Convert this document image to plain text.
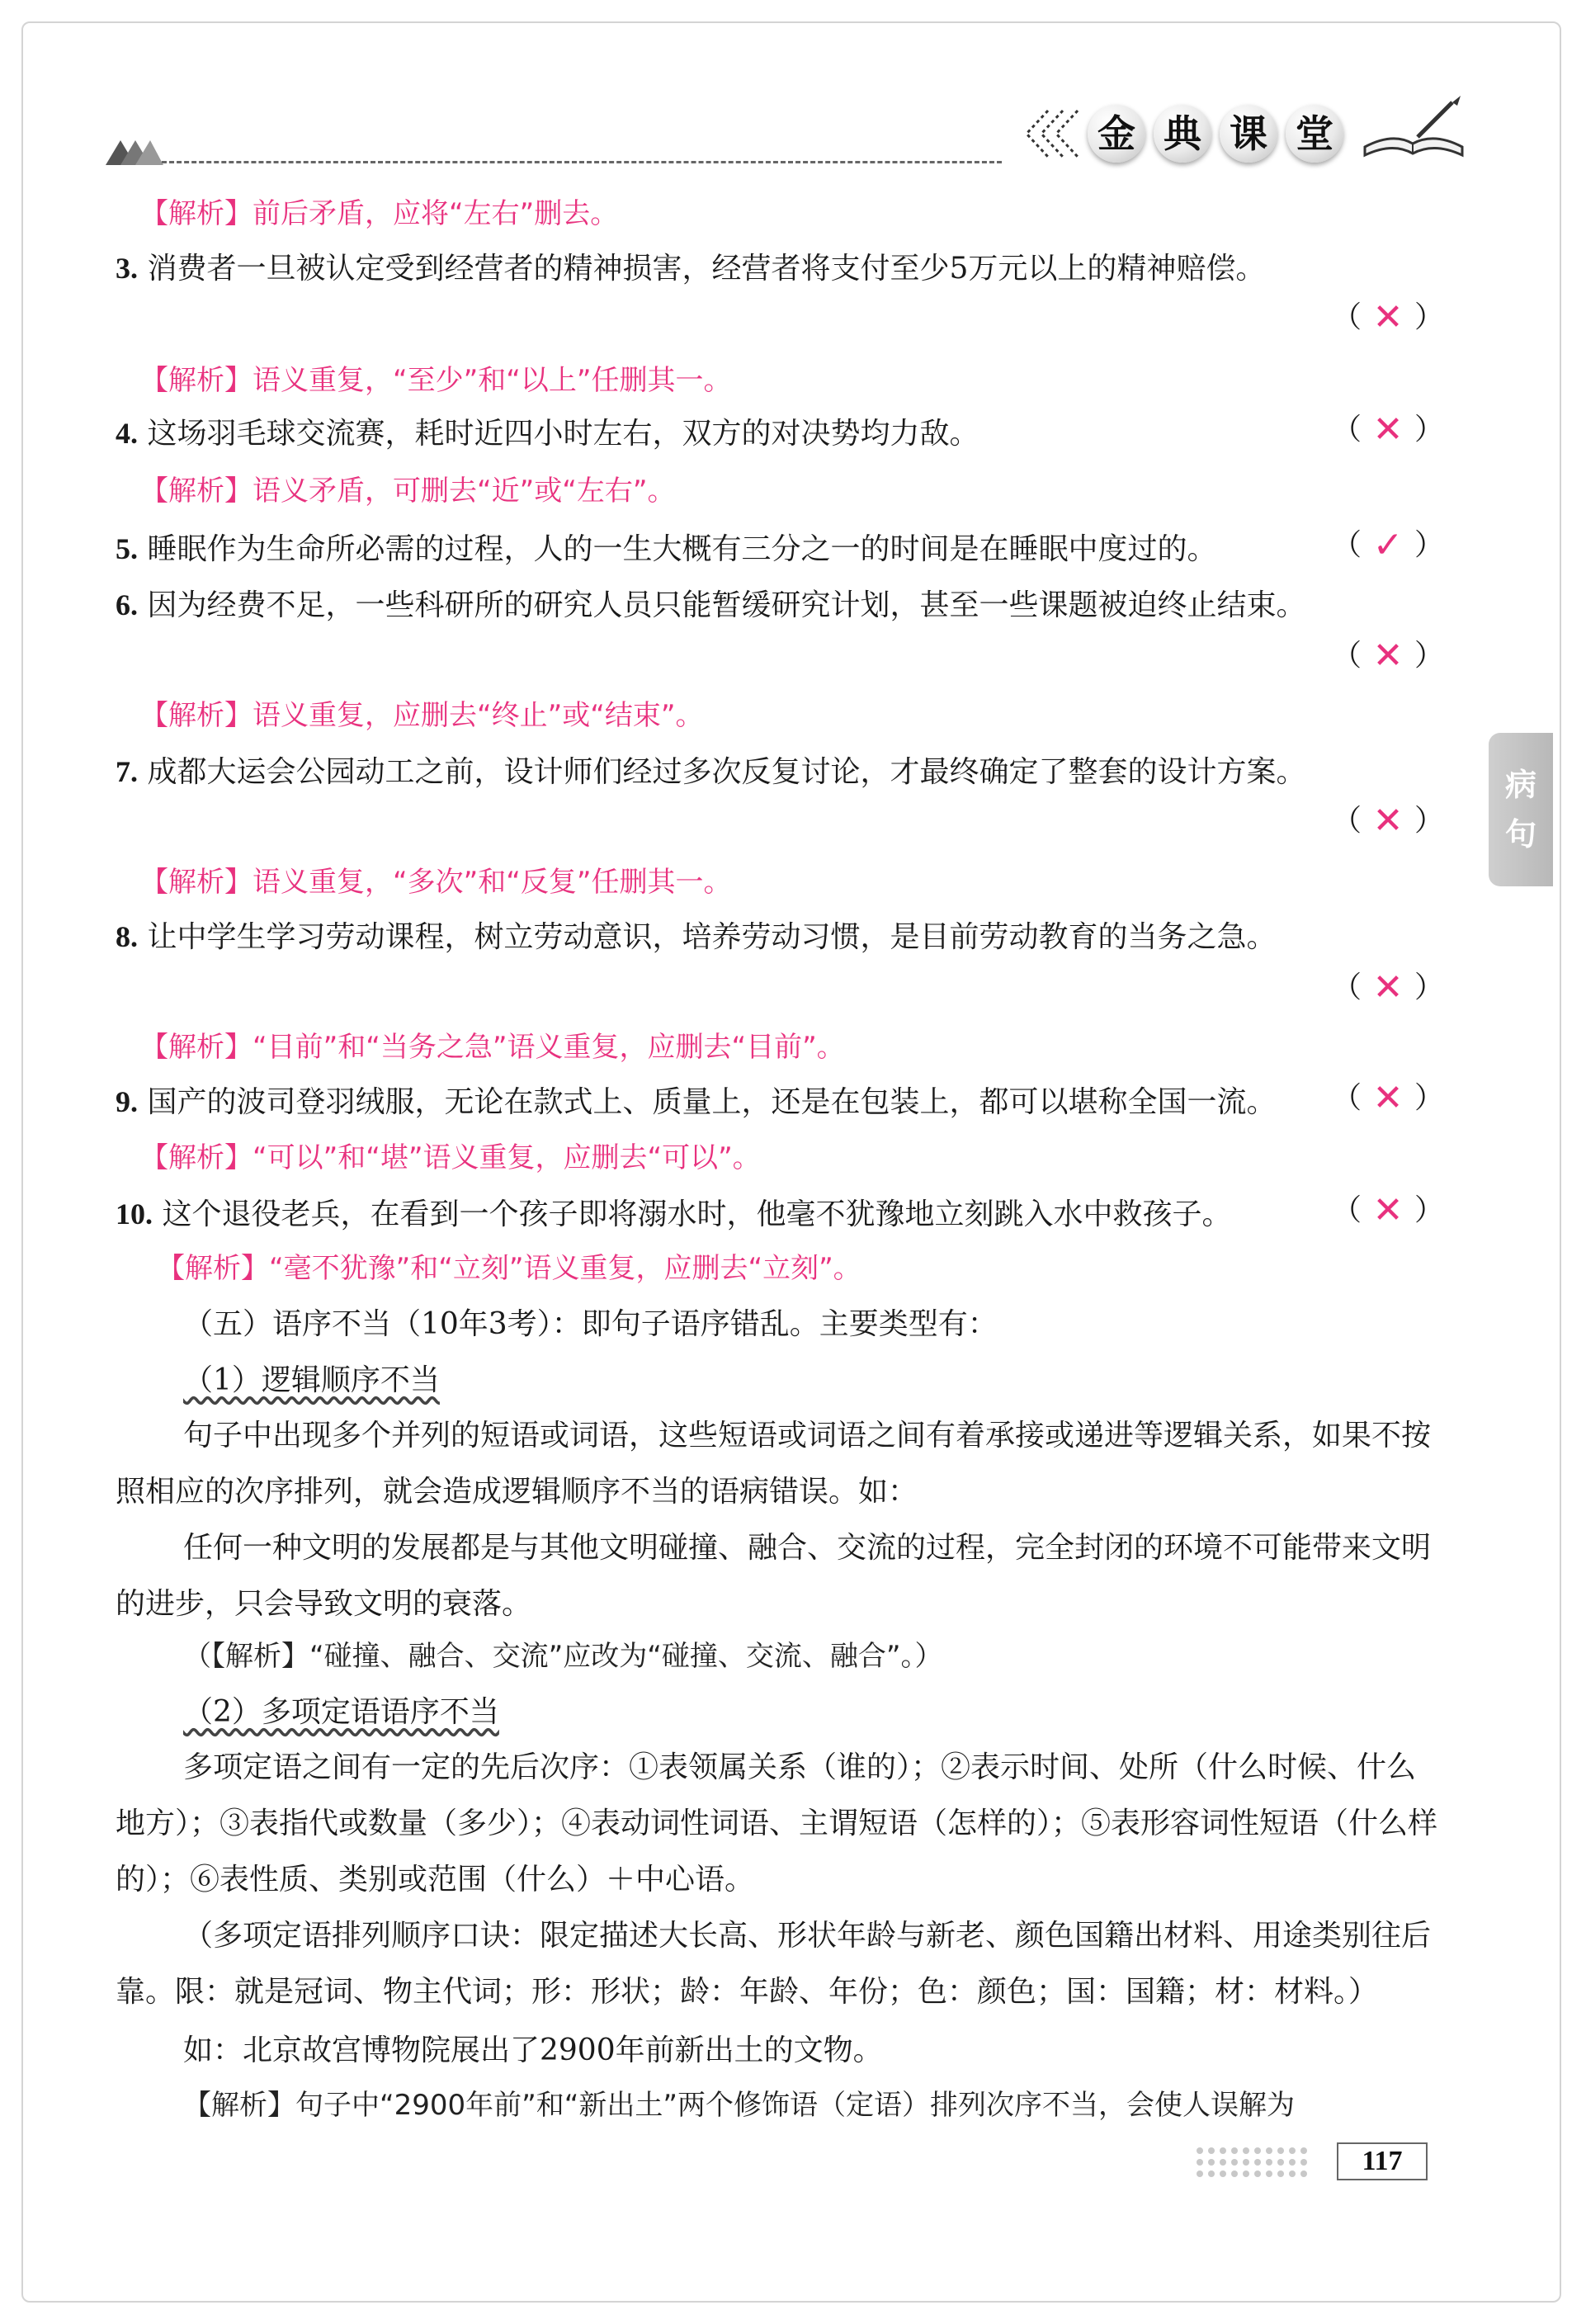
金 典 课 堂
病
句
【解析】前后矛盾，应将“左右”删去。
3. 消费者一旦被认定受到经营者的精神损害，经营者将支付至少5万元以上的精神赔偿。
（ ✕ ）
【解析】语义重复，“至少”和“以上”任删其一。
4. 这场羽毛球交流赛，耗时近四小时左右，双方的对决势均力敌。	（ ✕ ）
【解析】语义矛盾，可删去“近”或“左右”。
5. 睡眠作为生命所必需的过程，人的一生大概有三分之一的时间是在睡眠中度过的。	（ ✓ ）
6. 因为经费不足，一些科研所的研究人员只能暂缓研究计划，甚至一些课题被迫终止结束。
（ ✕ ）
【解析】语义重复，应删去“终止”或“结束”。
7. 成都大运会公园动工之前，设计师们经过多次反复讨论，才最终确定了整套的设计方案。
（ ✕ ）
【解析】语义重复，“多次”和“反复”任删其一。
8. 让中学生学习劳动课程，树立劳动意识，培养劳动习惯，是目前劳动教育的当务之急。
（ ✕ ）
【解析】“目前”和“当务之急”语义重复，应删去“目前”。
9. 国产的波司登羽绒服，无论在款式上、质量上，还是在包装上，都可以堪称全国一流。	（ ✕ ）
【解析】“可以”和“堪”语义重复，应删去“可以”。
10. 这个退役老兵，在看到一个孩子即将溺水时，他毫不犹豫地立刻跳入水中救孩子。	（ ✕ ）
【解析】“毫不犹豫”和“立刻”语义重复，应删去“立刻”。
（五）语序不当（10年3考）：即句子语序错乱。主要类型有：
（1）逻辑顺序不当
句子中出现多个并列的短语或词语，这些短语或词语之间有着承接或递进等逻辑关系，如果不按照相应的次序排列，就会造成逻辑顺序不当的语病错误。如：
任何一种文明的发展都是与其他文明碰撞、融合、交流的过程，完全封闭的环境不可能带来文明的进步，只会导致文明的衰落。
（【解析】“碰撞、融合、交流”应改为“碰撞、交流、融合”。）
（2）多项定语语序不当
多项定语之间有一定的先后次序：①表领属关系（谁的）；②表示时间、处所（什么时候、什么地方）；③表指代或数量（多少）；④表动词性词语、主谓短语（怎样的）；⑤表形容词性短语（什么样的）；⑥表性质、类别或范围（什么）＋中心语。
（多项定语排列顺序口诀：限定描述大长高、形状年龄与新老、颜色国籍出材料、用途类别往后靠。限：就是冠词、物主代词；形：形状；龄：年龄、年份；色：颜色；国：国籍；材：材料。）
如：北京故宫博物院展出了2900年前新出土的文物。
【解析】句子中“2900年前”和“新出土”两个修饰语（定语）排列次序不当，会使人误解为
117
